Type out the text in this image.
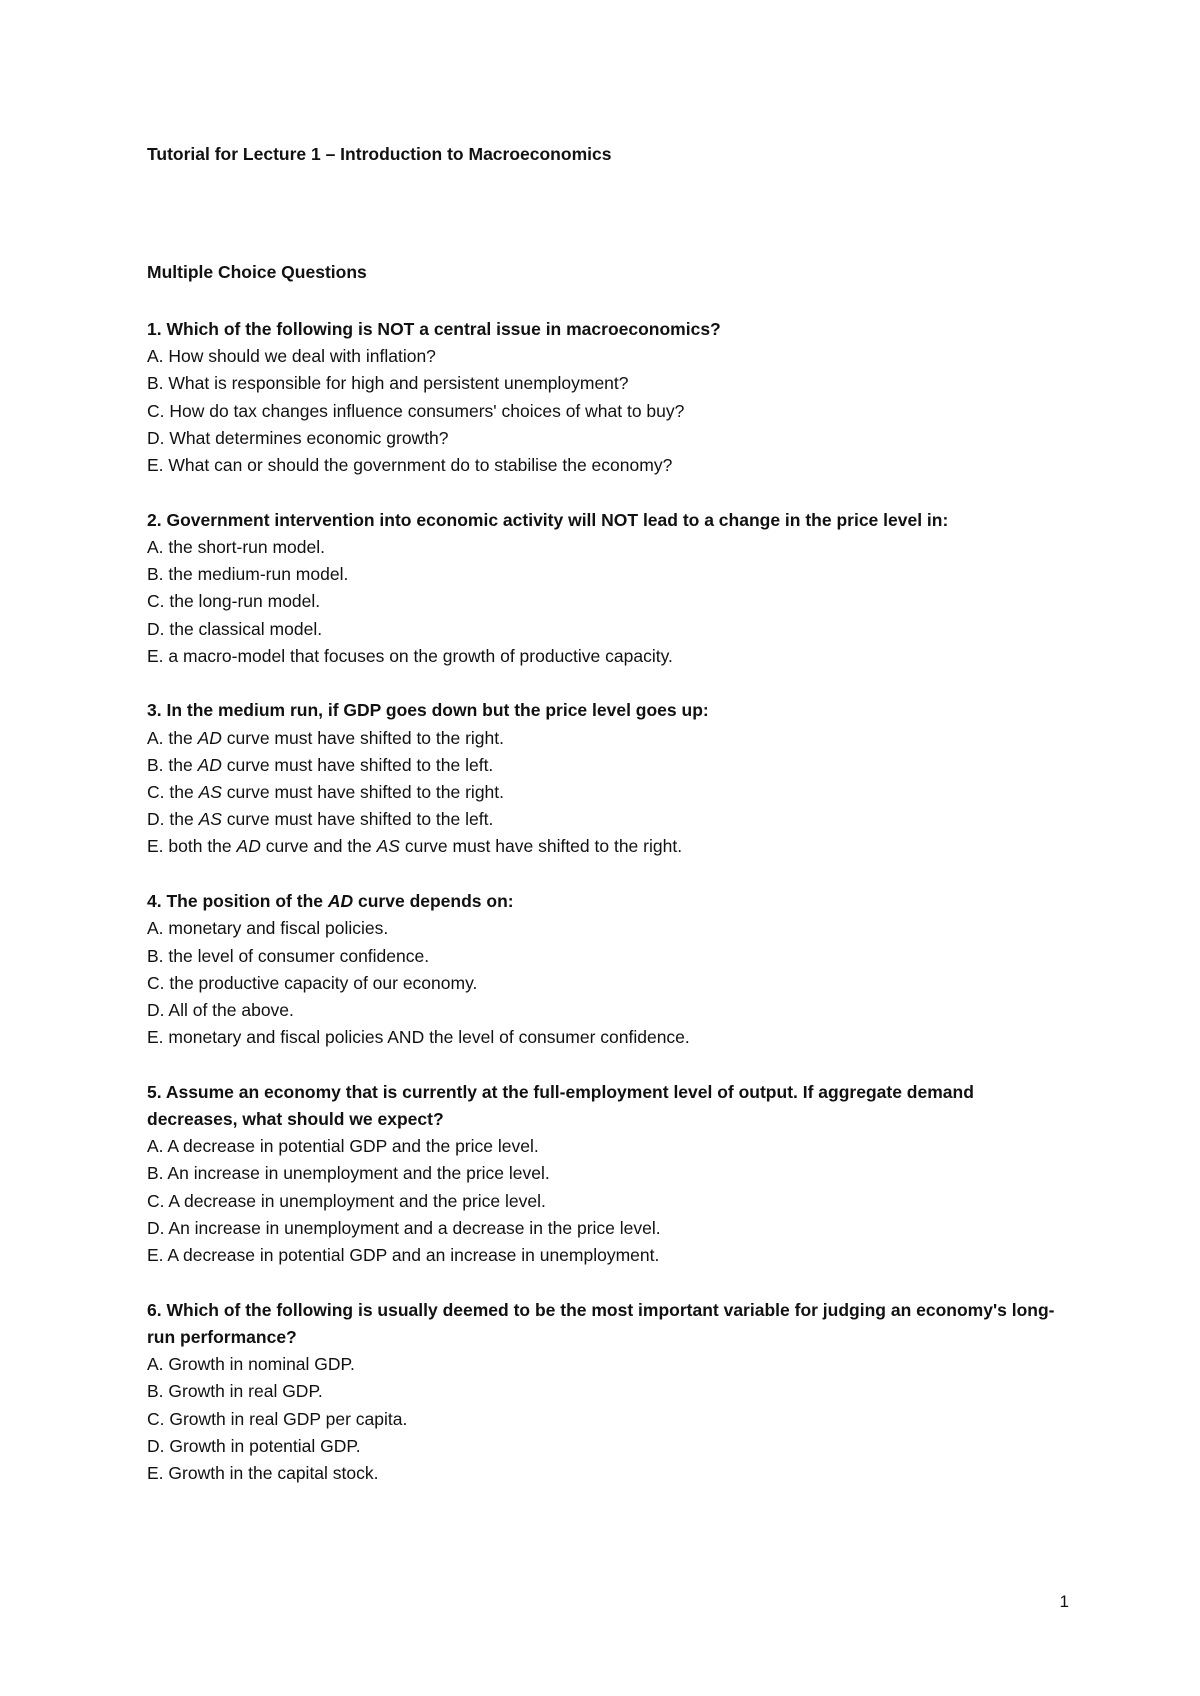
Tutorial for Lecture 1 – Introduction to Macroeconomics
Multiple Choice Questions
1. Which of the following is NOT a central issue in macroeconomics?
A. How should we deal with inflation?
B. What is responsible for high and persistent unemployment?
C. How do tax changes influence consumers' choices of what to buy?
D. What determines economic growth?
E. What can or should the government do to stabilise the economy?
2. Government intervention into economic activity will NOT lead to a change in the price level in:
A. the short-run model.
B. the medium-run model.
C. the long-run model.
D. the classical model.
E. a macro-model that focuses on the growth of productive capacity.
3. In the medium run, if GDP goes down but the price level goes up:
A. the AD curve must have shifted to the right.
B. the AD curve must have shifted to the left.
C. the AS curve must have shifted to the right.
D. the AS curve must have shifted to the left.
E. both the AD curve and the AS curve must have shifted to the right.
4. The position of the AD curve depends on:
A. monetary and fiscal policies.
B. the level of consumer confidence.
C. the productive capacity of our economy.
D. All of the above.
E. monetary and fiscal policies AND the level of consumer confidence.
5. Assume an economy that is currently at the full-employment level of output. If aggregate demand decreases, what should we expect?
A. A decrease in potential GDP and the price level.
B. An increase in unemployment and the price level.
C. A decrease in unemployment and the price level.
D. An increase in unemployment and a decrease in the price level.
E. A decrease in potential GDP and an increase in unemployment.
6. Which of the following is usually deemed to be the most important variable for judging an economy's long-run performance?
A. Growth in nominal GDP.
B. Growth in real GDP.
C. Growth in real GDP per capita.
D. Growth in potential GDP.
E. Growth in the capital stock.
1
